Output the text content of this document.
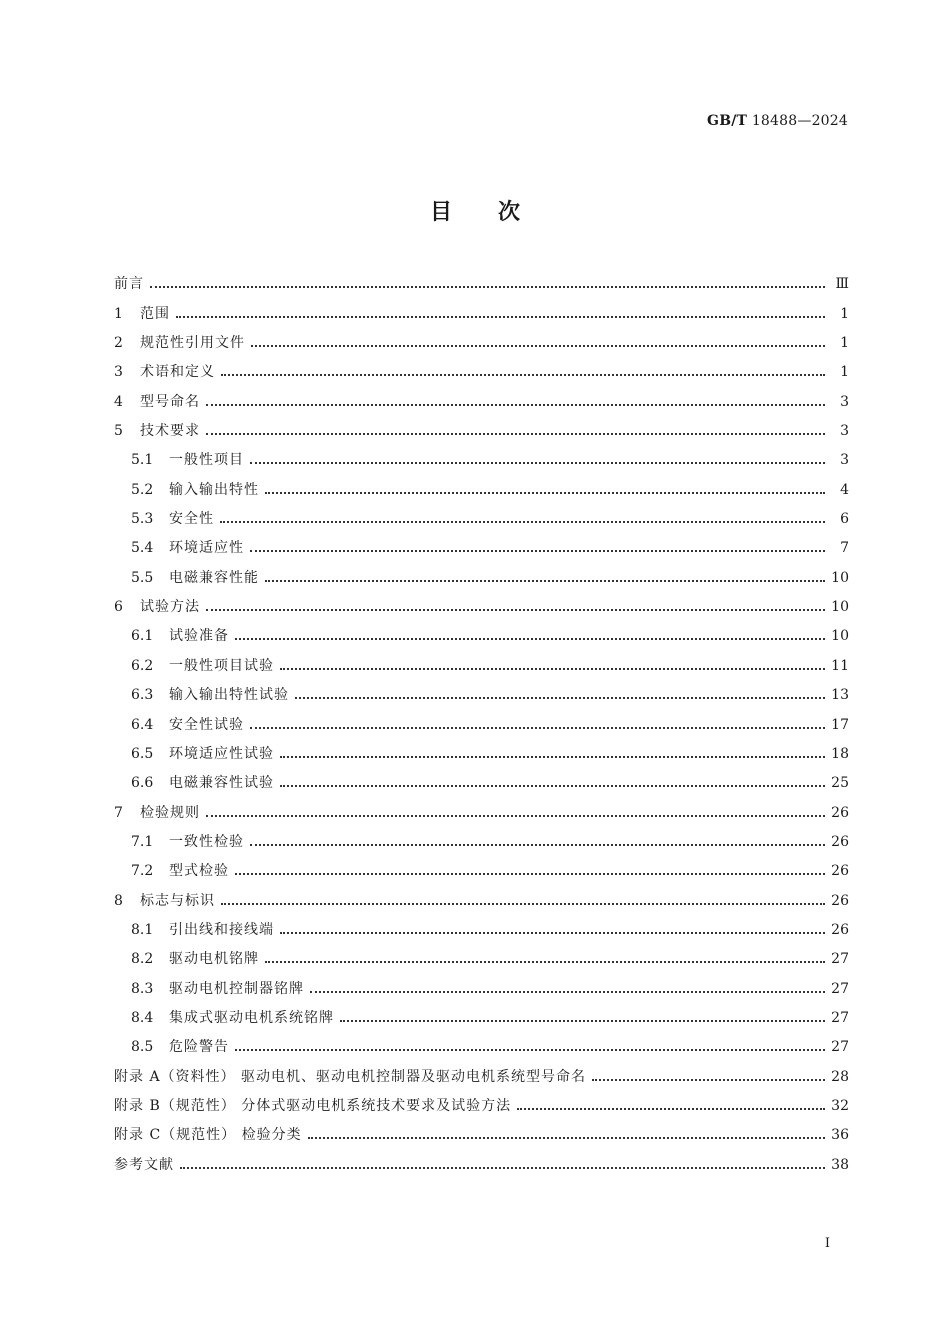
GB/T 18488—2024
目次
前言	Ⅲ
1	范围	1
2	规范性引用文件	1
3	术语和定义	1
4	型号命名	3
5	技术要求	3
5.1	一般性项目	3
5.2	输入输出特性	4
5.3	安全性	6
5.4	环境适应性	7
5.5	电磁兼容性能	10
6	试验方法	10
6.1	试验准备	10
6.2	一般性项目试验	11
6.3	输入输出特性试验	13
6.4	安全性试验	17
6.5	环境适应性试验	18
6.6	电磁兼容性试验	25
7	检验规则	26
7.1	一致性检验	26
7.2	型式检验	26
8	标志与标识	26
8.1	引出线和接线端	26
8.2	驱动电机铭牌	27
8.3	驱动电机控制器铭牌	27
8.4	集成式驱动电机系统铭牌	27
8.5	危险警告	27
附录 A（资料性） 驱动电机、驱动电机控制器及驱动电机系统型号命名	28
附录 B（规范性） 分体式驱动电机系统技术要求及试验方法	32
附录 C（规范性） 检验分类	36
参考文献	38
Ⅰ
